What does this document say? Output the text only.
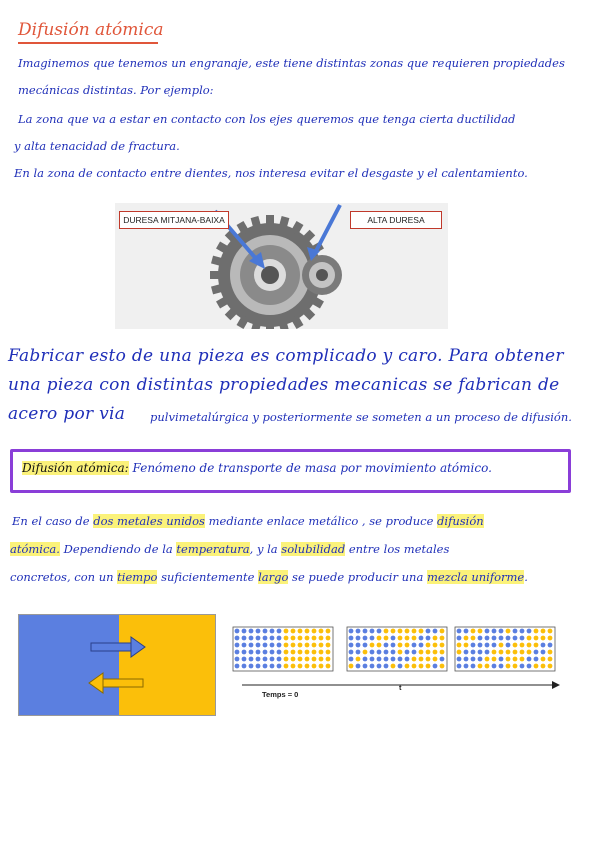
Difusión atómica
Imaginemos que tenemos un engranaje, este tiene distintas zonas que requieren propiedades
mecánicas distintas. Por ejemplo:
La zona que va a estar en contacto con los ejes queremos que tenga cierta ductilidad
y alta tenacidad de fractura.
En la zona de contacto entre dientes, nos interesa evitar el desgaste y el calentamiento.
DURESA MITJANA-BAIXA	ALTA DURESA
Fabricar esto de una pieza es complicado y caro. Para obtener
una pieza con distintas propiedades mecanicas se fabrican de
acero por via pulvimetalúrgica y posteriormente se someten a un proceso de difusión.
Difusión atómica: Fenómeno de transporte de masa por movimiento atómico.
En el caso de dos metales unidos mediante enlace metálico , se produce difusión
atómica. Dependiendo de la temperatura, y la solubilidad entre los metales
concretos, con un tiempo suficientemente largo se puede producir una mezcla uniforme.
Temps = 0
t
